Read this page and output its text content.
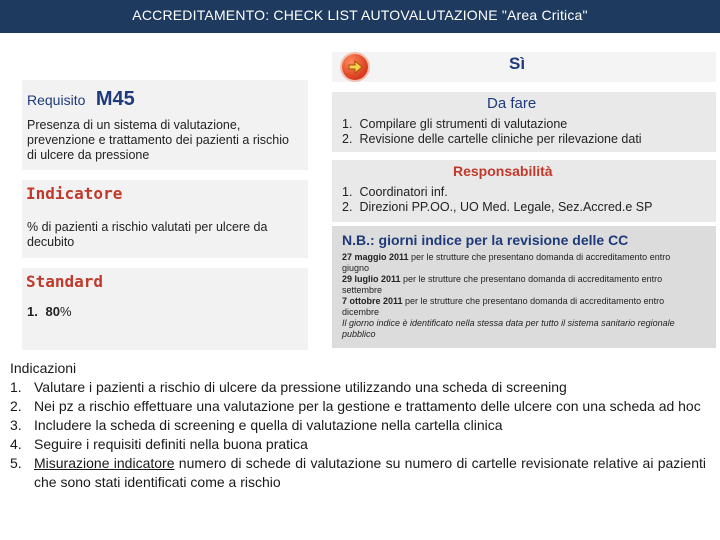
ACCREDITAMENTO: CHECK LIST AUTOVALUTAZIONE "Area Critica"
Requisito M45
Presenza di un sistema di valutazione, prevenzione e trattamento dei pazienti a rischio di ulcere da pressione
Indicatore
% di pazienti a rischio valutati per ulcere da decubito
Standard
1. 80%
Sì
Da fare
1. Compilare gli strumenti di valutazione
2. Revisione delle cartelle cliniche per rilevazione dati
Responsabilità
1. Coordinatori inf.
2. Direzioni PP.OO., UO Med. Legale, Sez.Accred.e SP
N.B.: giorni indice per la revisione delle CC
27 maggio 2011 per le strutture che presentano domanda di accreditamento entro giugno
29 luglio 2011 per le strutture che presentano domanda di accreditamento entro settembre
7 ottobre 2011 per le strutture che presentano domanda di accreditamento entro dicembre
Il giorno indice è identificato nella stessa data per tutto il sistema sanitario regionale pubblico
Indicazioni
1. Valutare i pazienti a rischio di ulcere da pressione utilizzando una scheda di screening
2. Nei pz a rischio effettuare una valutazione per la gestione e trattamento delle ulcere con una scheda ad hoc
3. Includere la scheda di screening e quella di valutazione nella cartella clinica
4. Seguire i requisiti definiti nella buona pratica
5. Misurazione indicatore numero di schede di valutazione su numero di cartelle revisionate relative ai pazienti che sono stati identificati come a rischio
